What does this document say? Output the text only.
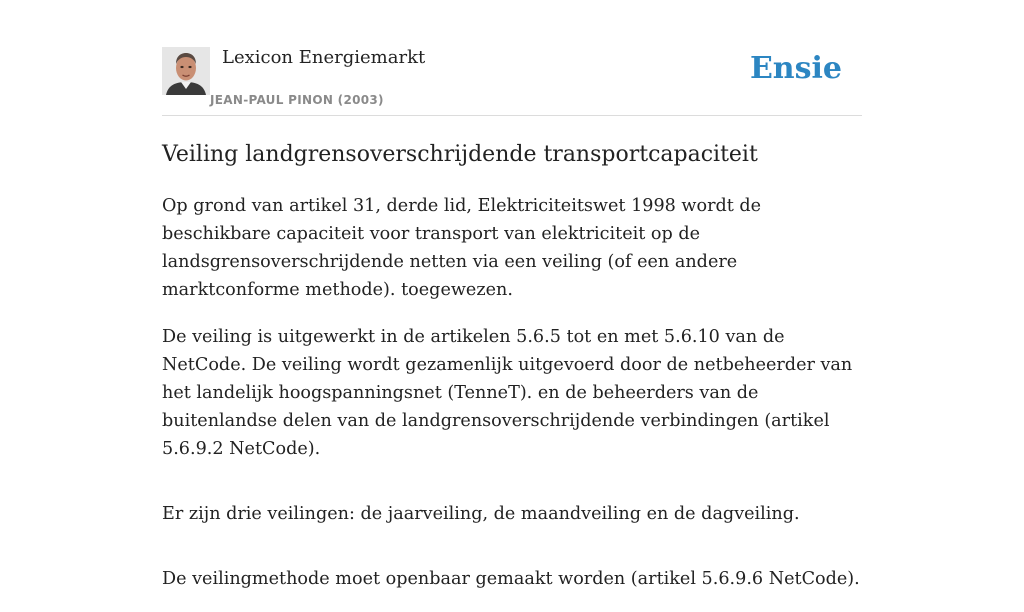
Lexicon Energiemarkt
JEAN-PAUL PINON (2003)
Ensie
Veiling landgrensoverschrijdende transportcapaciteit

Op grond van artikel 31, derde lid, Elektriciteitswet 1998 wordt de beschikbare capaciteit voor transport van elektriciteit op de landsgrensoverschrijdende netten via een veiling (of een andere marktconforme methode). toegewezen.

De veiling is uitgewerkt in de artikelen 5.6.5 tot en met 5.6.10 van de NetCode. De veiling wordt gezamenlijk uitgevoerd door de netbeheerder van het landelijk hoogspanningsnet (TenneT). en de beheerders van de buitenlandse delen van de landgrensoverschrijdende verbindingen (artikel 5.6.9.2 NetCode).

Er zijn drie veilingen: de jaarveiling, de maandveiling en de dagveiling.

De veilingmethode moet openbaar gemaakt worden (artikel 5.6.9.6 NetCode).
